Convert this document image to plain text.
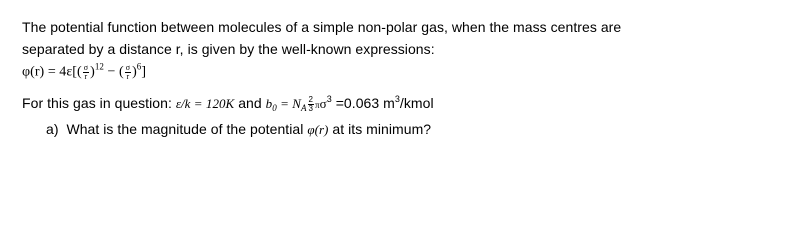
The potential function between molecules of a simple non-polar gas, when the mass centres are
separated by a distance r, is given by the well-known expressions:
$\varphi(r) = 4\varepsilon[( \frac{\sigma}{r} )^{12}$ − ( $\frac{\sigma}{r} )^6$]
For this gas in question: ε/k = 120K and $b_0 = N_A \frac{2}{3} \pi\sigma^3 =0.063$ $m^3$/kmol
a) What is the magnitude of the potential φ(r) at its minimum?
